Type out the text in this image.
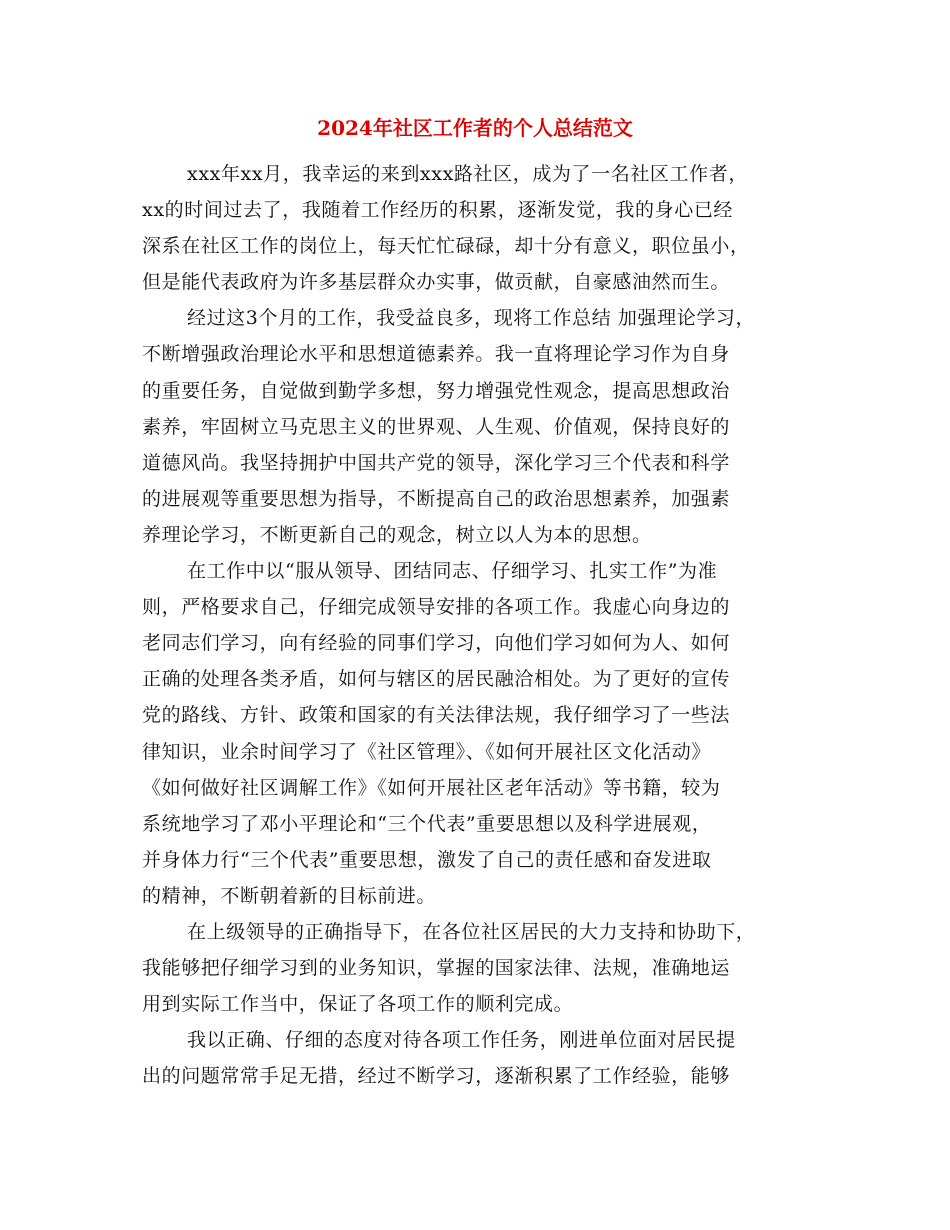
2024年社区工作者的个人总结范文
xxx年xx月，我幸运的来到xxx路社区，成为了一名社区工作者，
xx的时间过去了，我随着工作经历的积累，逐渐发觉，我的身心已经
深系在社区工作的岗位上，每天忙忙碌碌，却十分有意义，职位虽小，
但是能代表政府为许多基层群众办实事，做贡献，自豪感油然而生。
经过这3个月的工作，我受益良多，现将工作总结 加强理论学习，
不断增强政治理论水平和思想道德素养。我一直将理论学习作为自身
的重要任务，自觉做到勤学多想，努力增强党性观念，提高思想政治
素养，牢固树立马克思主义的世界观、人生观、价值观，保持良好的
道德风尚。我坚持拥护中国共产党的领导，深化学习三个代表和科学
的进展观等重要思想为指导，不断提高自己的政治思想素养，加强素
养理论学习，不断更新自己的观念，树立以人为本的思想。
在工作中以“服从领导、团结同志、仔细学习、扎实工作”为准
则，严格要求自己，仔细完成领导安排的各项工作。我虚心向身边的
老同志们学习，向有经验的同事们学习，向他们学习如何为人、如何
正确的处理各类矛盾，如何与辖区的居民融洽相处。为了更好的宣传
党的路线、方针、政策和国家的有关法律法规，我仔细学习了一些法
律知识，业余时间学习了《社区管理》、《如何开展社区文化活动》
《如何做好社区调解工作》《如何开展社区老年活动》等书籍，较为
系统地学习了邓小平理论和“三个代表”重要思想以及科学进展观，
并身体力行“三个代表”重要思想，激发了自己的责任感和奋发进取
的精神，不断朝着新的目标前进。
在上级领导的正确指导下，在各位社区居民的大力支持和协助下，
我能够把仔细学习到的业务知识，掌握的国家法律、法规，准确地运
用到实际工作当中，保证了各项工作的顺利完成。
我以正确、仔细的态度对待各项工作任务，刚进单位面对居民提
出的问题常常手足无措，经过不断学习，逐渐积累了工作经验，能够
